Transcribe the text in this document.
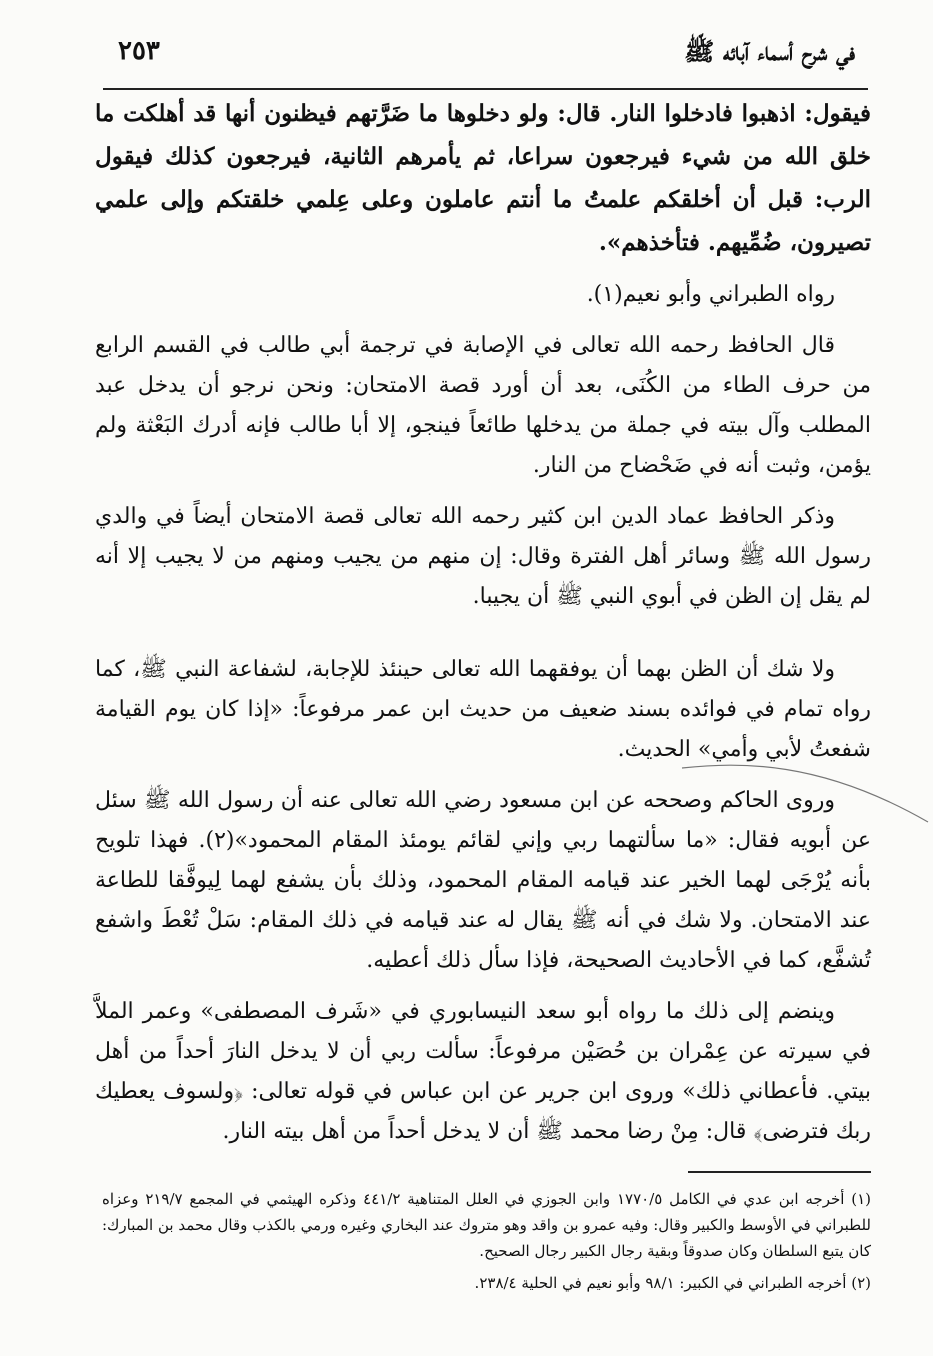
في شرح أسماء آبائه ﷺ
٢٥٣

فيقول: اذهبوا فادخلوا النار. قال: ولو دخلوها ما ضَرَّتهم فيظنون أنها قد أهلكت ما خلق الله من شيء فيرجعون سراعا، ثم يأمرهم الثانية، فيرجعون كذلك فيقول الرب: قبل أن أخلقكم علمتُ ما أنتم عاملون وعلى عِلمي خلقتكم وإلى علمي تصيرون، ضُمِّيهم. فتأخذهم».

رواه الطبراني وأبو نعيم(١).

قال الحافظ رحمه الله تعالى في الإصابة في ترجمة أبي طالب في القسم الرابع من حرف الطاء من الكُنَى، بعد أن أورد قصة الامتحان: ونحن نرجو أن يدخل عبد المطلب وآل بيته في جملة من يدخلها طائعاً فينجو، إلا أبا طالب فإنه أدرك البَعْثة ولم يؤمن، وثبت أنه في ضَحْضاح من النار.

وذكر الحافظ عماد الدين ابن كثير رحمه الله تعالى قصة الامتحان أيضاً في والدي رسول الله ﷺ وسائر أهل الفترة وقال: إن منهم من يجيب ومنهم من لا يجيب إلا أنه لم يقل إن الظن في أبوي النبي ﷺ أن يجيبا.

ولا شك أن الظن بهما أن يوفقهما الله تعالى حينئذ للإجابة، لشفاعة النبي ﷺ، كما رواه تمام في فوائده بسند ضعيف من حديث ابن عمر مرفوعاً: «إذا كان يوم القيامة شفعتُ لأبي وأمي» الحديث.

وروى الحاكم وصححه عن ابن مسعود رضي الله تعالى عنه أن رسول الله ﷺ سئل عن أبويه فقال: «ما سألتهما ربي وإني لقائم يومئذ المقام المحمود»(٢). فهذا تلويح بأنه يُرْجَى لهما الخير عند قيامه المقام المحمود، وذلك بأن يشفع لهما لِيوفَّقا للطاعة عند الامتحان. ولا شك في أنه ﷺ يقال له عند قيامه في ذلك المقام: سَلْ تُعْطَ واشفع تُشفَّع، كما في الأحاديث الصحيحة، فإذا سأل ذلك أعطيه.

وينضم إلى ذلك ما رواه أبو سعد النيسابوري في «شَرف المصطفى» وعمر الملاَّ في سيرته عن عِمْران بن حُصَيْن مرفوعاً: سألت ربي أن لا يدخل النارَ أحداً من أهل بيتي. فأعطاني ذلك» وروى ابن جرير عن ابن عباس في قوله تعالى: ﴿ولسوف يعطيك ربك فترضى﴾ قال: مِنْ رضا محمد ﷺ أن لا يدخل أحداً من أهل بيته النار.

(١) أخرجه ابن عدي في الكامل ١٧٧٠/٥ وابن الجوزي في العلل المتناهية ٤٤١/٢ وذكره الهيثمي في المجمع ٢١٩/٧ وعزاه للطبراني في الأوسط والكبير وقال: وفيه عمرو بن واقد وهو متروك عند البخاري وغيره ورمي بالكذب وقال محمد بن المبارك: كان يتبع السلطان وكان صدوقاً وبقية رجال الكبير رجال الصحيح.

(٢) أخرجه الطبراني في الكبير: ٩٨/١ وأبو نعيم في الحلية ٢٣٨/٤.
